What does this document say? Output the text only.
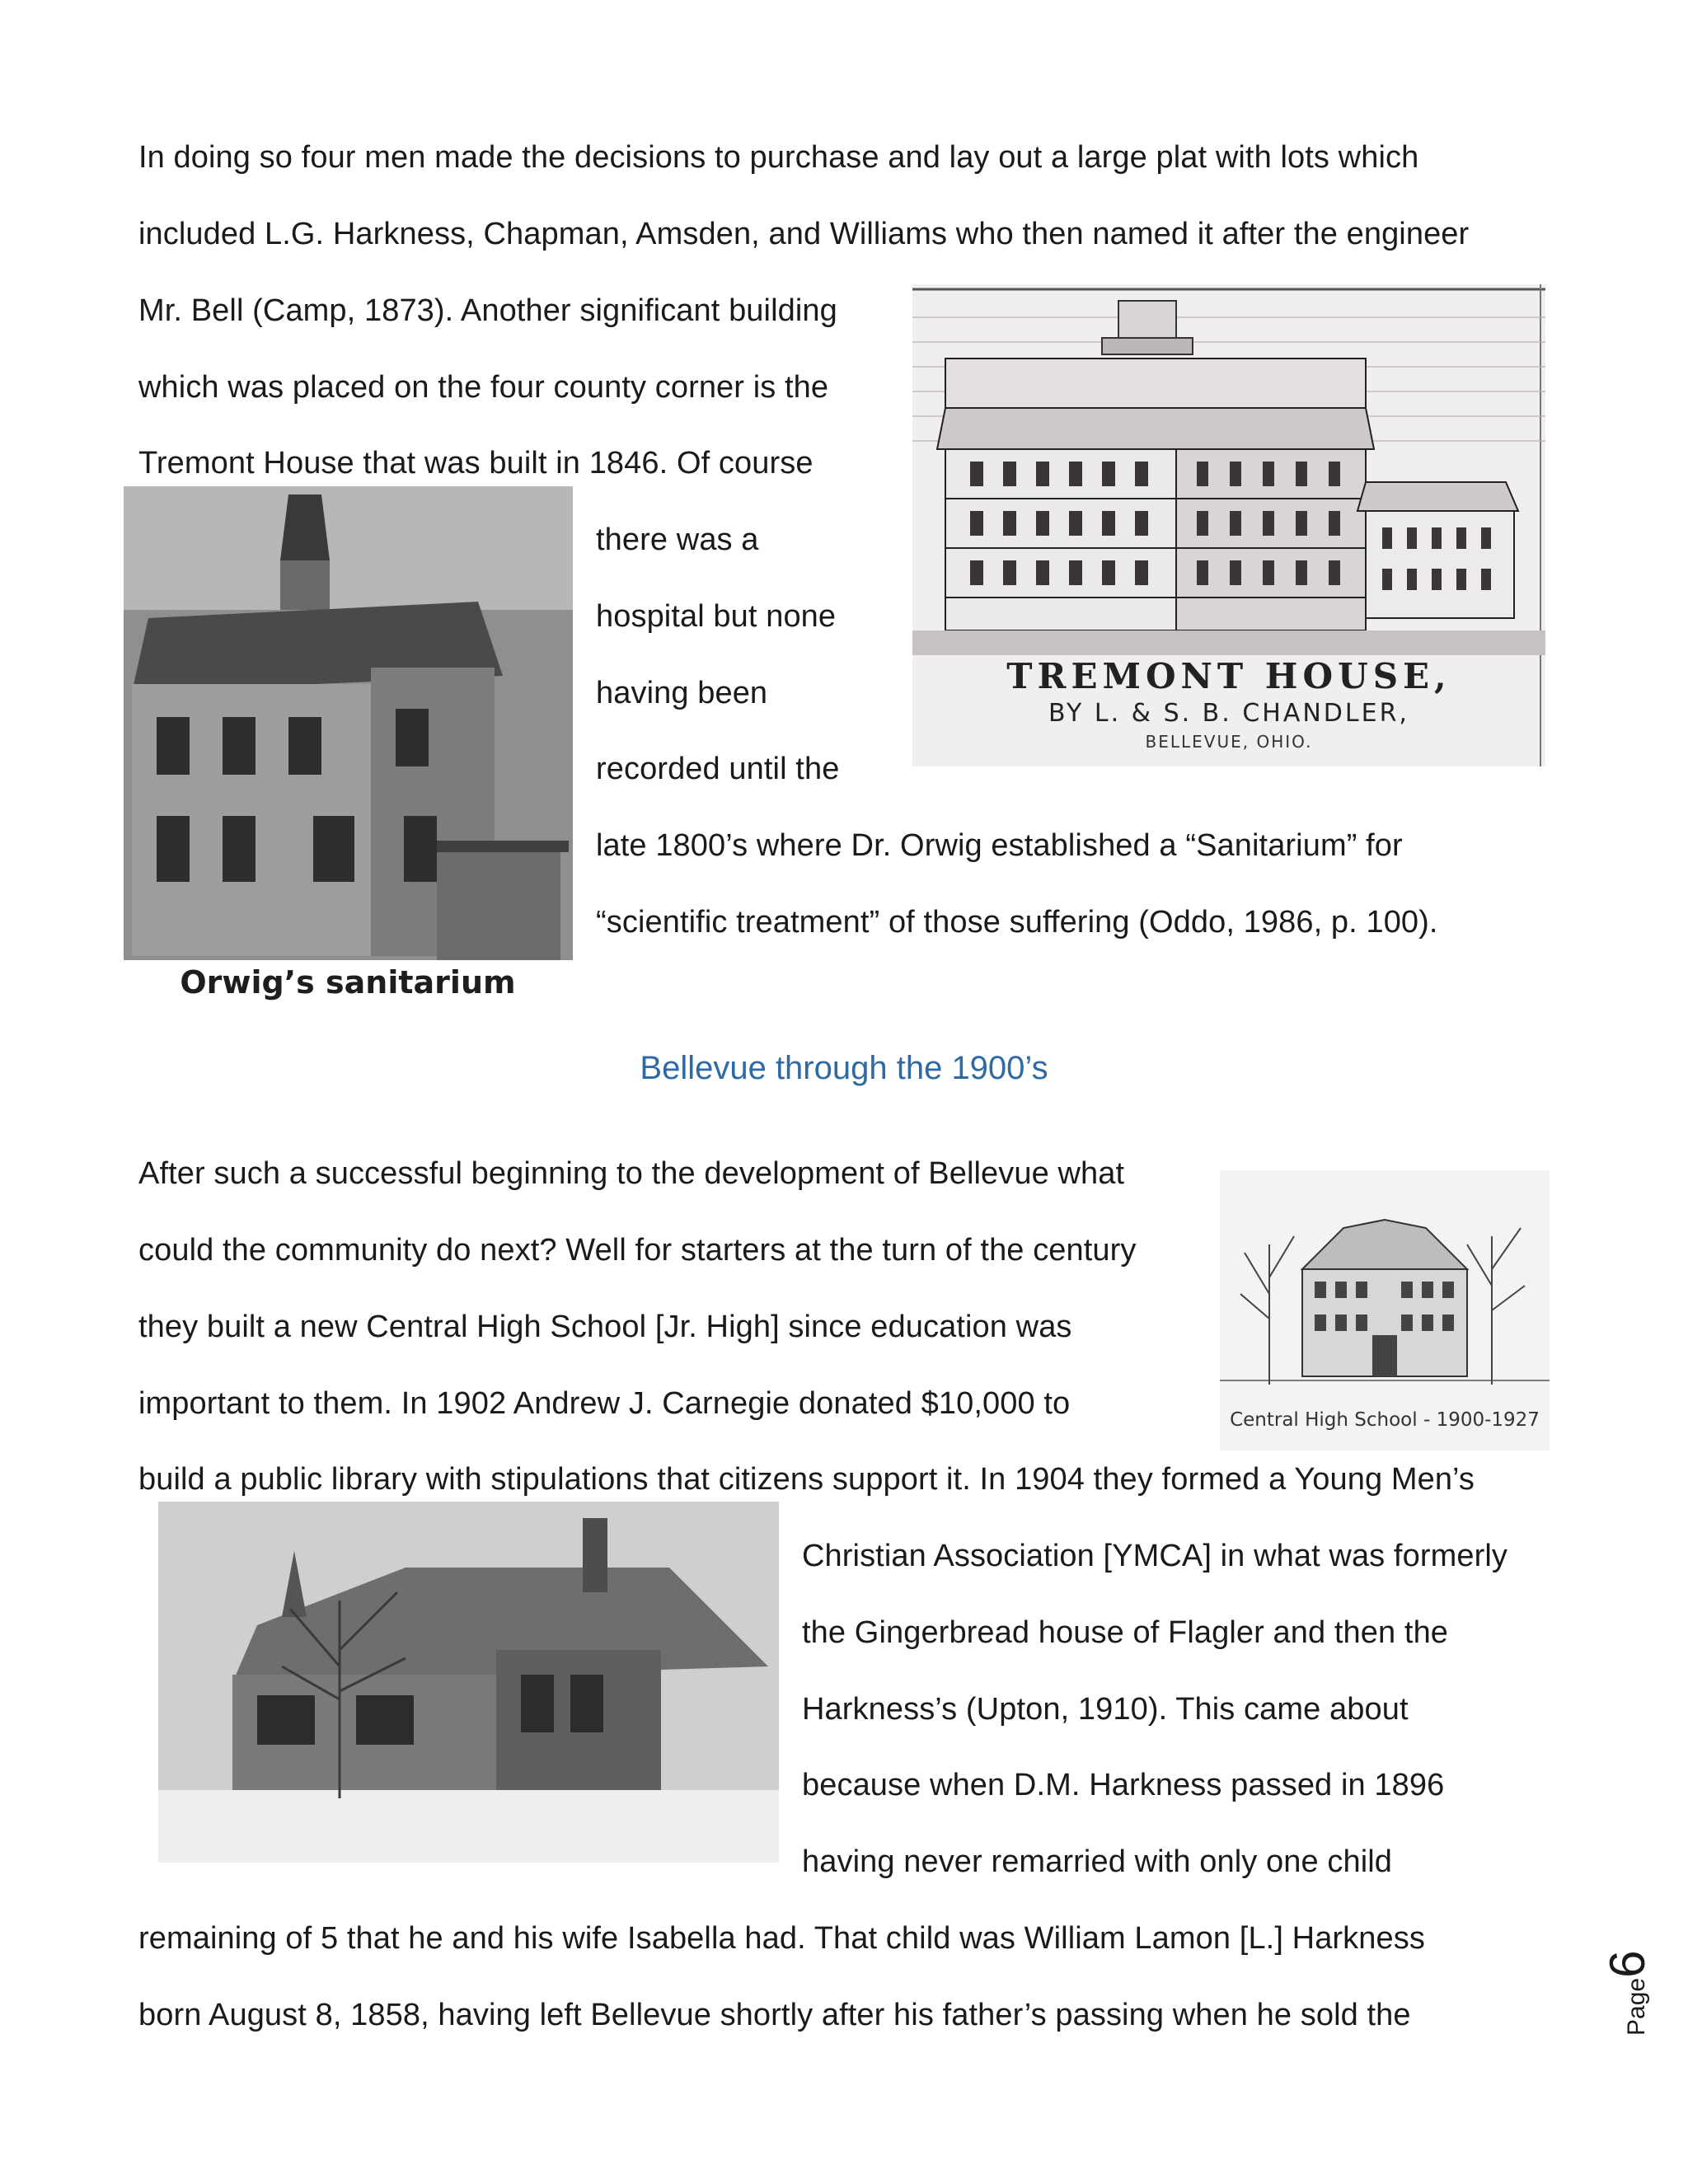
In doing so four men made the decisions to purchase and lay out a large plat with lots which
included L.G. Harkness, Chapman, Amsden, and Williams who then named it after the engineer
Mr. Bell (Camp, 1873). Another significant building
which was placed on the four county corner is the
Tremont House that was built in 1846. Of course
there was a
hospital but none
having been
recorded until the
late 1800’s where Dr. Orwig established a “Sanitarium” for
“scientific treatment” of those suffering (Oddo, 1986, p. 100).
TREMONT HOUSE,
BY L. & S. B. CHANDLER,
BELLEVUE, OHIO.
Orwig’s sanitarium
Bellevue through the 1900’s
After such a successful beginning to the development of Bellevue what
could the community do next? Well for starters at the turn of the century
they built a new Central High School [Jr. High] since education was
important to them. In 1902 Andrew J. Carnegie donated $10,000 to
build a public library with stipulations that citizens support it. In 1904 they formed a Young Men’s
Christian Association [YMCA] in what was formerly
the Gingerbread house of Flagler and then the
Harkness’s (Upton, 1910). This came about
because when D.M. Harkness passed in 1896
having never remarried with only one child
remaining of 5 that he and his wife Isabella had. That child was William Lamon [L.] Harkness
born August 8, 1858, having left Bellevue shortly after his father’s passing when he sold the
Central High School - 1900-1927
Page6
